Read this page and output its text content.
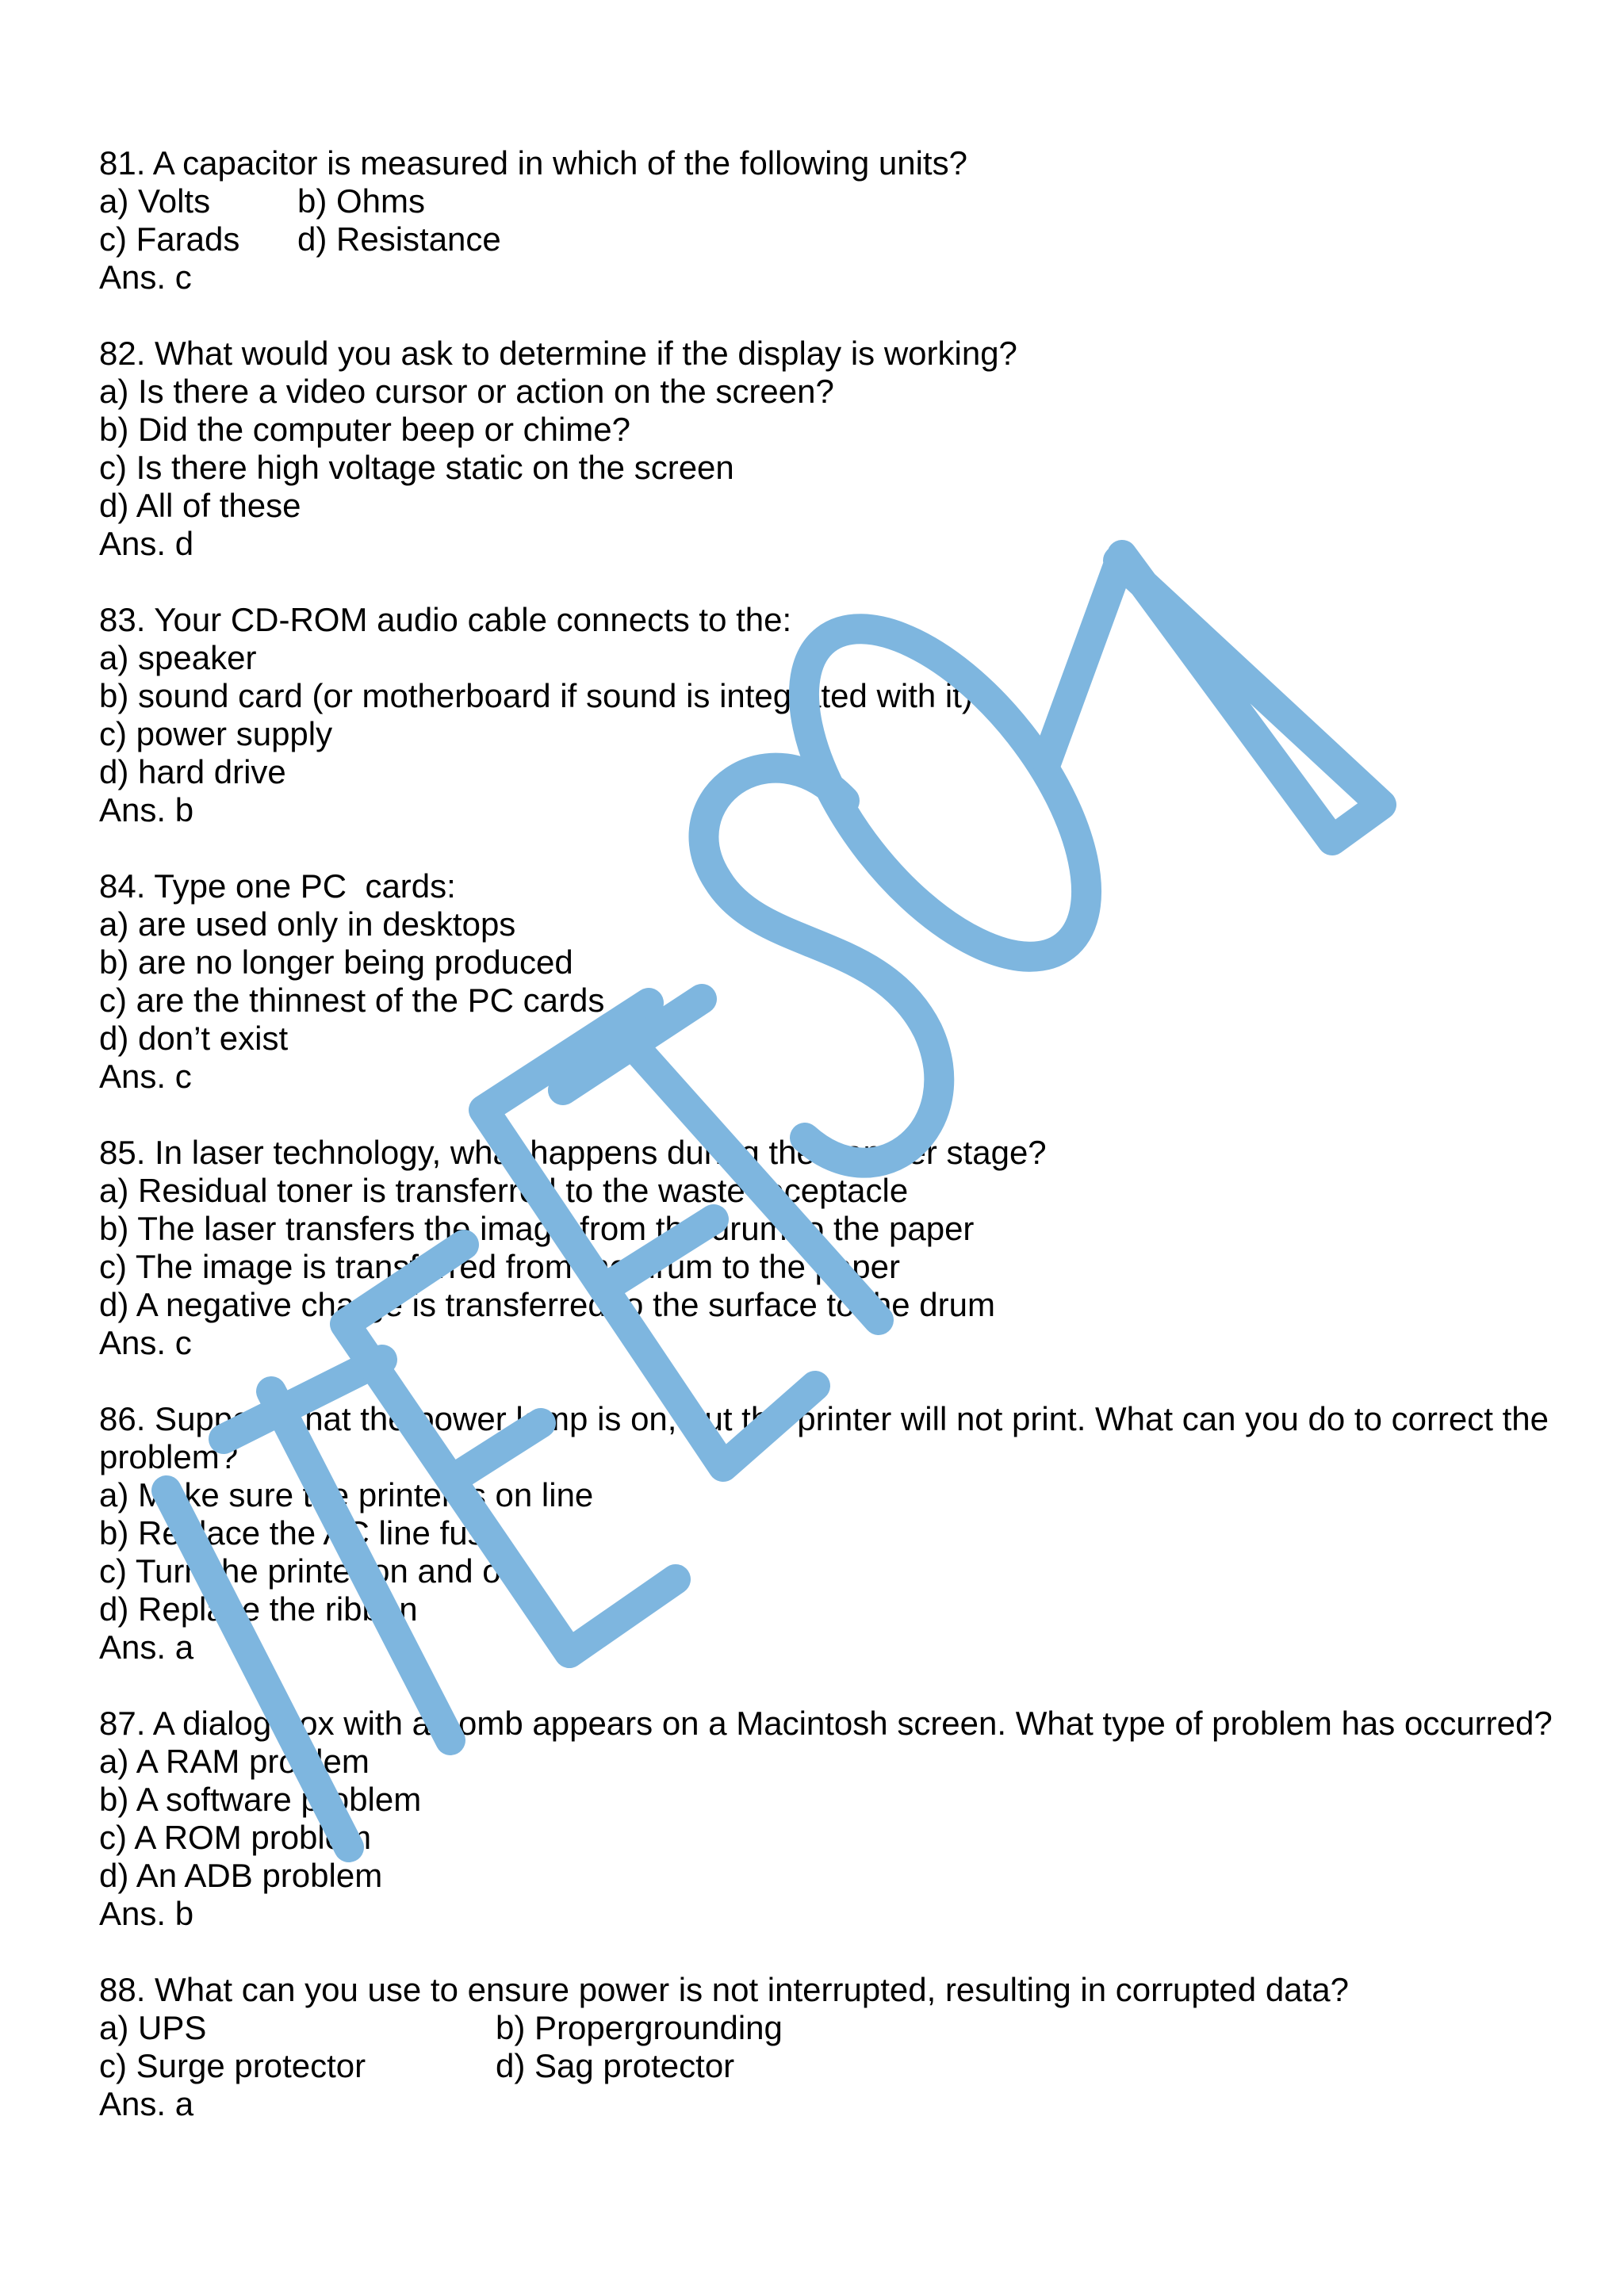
81. A capacitor is measured in which of the following units?
a) Volts	b) Ohms
c) Farads	d) Resistance
Ans. c
82. What would you ask to determine if the display is working?
a) Is there a video cursor or action on the screen?
b) Did the computer beep or chime?
c) Is there high voltage static on the screen
d) All of these
Ans. d
83. Your CD-ROM audio cable connects to the:
a) speaker
b) sound card (or motherboard if sound is integrated with it)
c) power supply
d) hard drive
Ans. b
84. Type one PC  cards:
a) are used only in desktops
b) are no longer being produced
c) are the thinnest of the PC cards
d) don’t exist
Ans. c
85. In laser technology, what happens during the transfer stage?
a) Residual toner is transferred to the waste receptacle
b) The laser transfers the image from the drum to the paper
c) The image is transferred from the drum to the paper
d) A negative charge is transferred to the surface to the drum
Ans. c
86. Suppose that the power lamp is on, but the printer will not print. What can you do to correct the problem?
a) Make sure the printer is on line
b) Replace the AC line fuse
c) Turn the printer on and off
d) Replace the ribbon
Ans. a
87. A dialog box with a bomb appears on a Macintosh screen. What type of problem has occurred?
a) A RAM problem
b) A software problem
c) A ROM problem
d) An ADB problem
Ans. b
88. What can you use to ensure power is not interrupted, resulting in corrupted data?
a) UPS	b) Propergrounding
c) Surge protector	d) Sag protector
Ans. a
